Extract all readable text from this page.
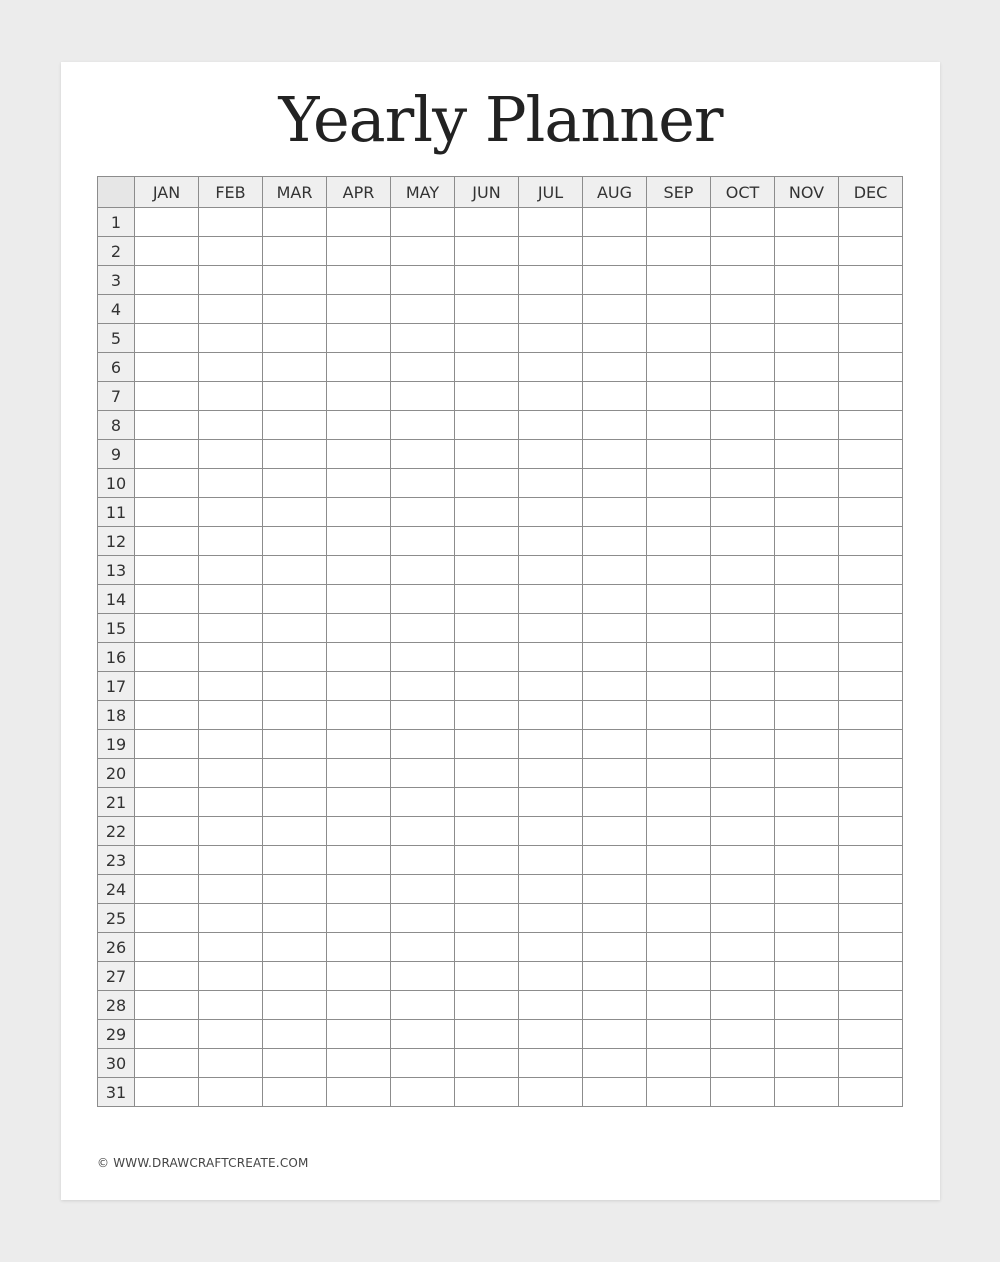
Yearly Planner
	JAN	FEB	MAR	APR	MAY	JUN	JUL	AUG	SEP	OCT	NOV	DEC
1												
2												
3												
4												
5												
6												
7												
8												
9												
10												
11												
12												
13												
14												
15												
16												
17												
18												
19												
20												
21												
22												
23												
24												
25												
26												
27												
28												
29												
30												
31												
© WWW.DRAWCRAFTCREATE.COM
